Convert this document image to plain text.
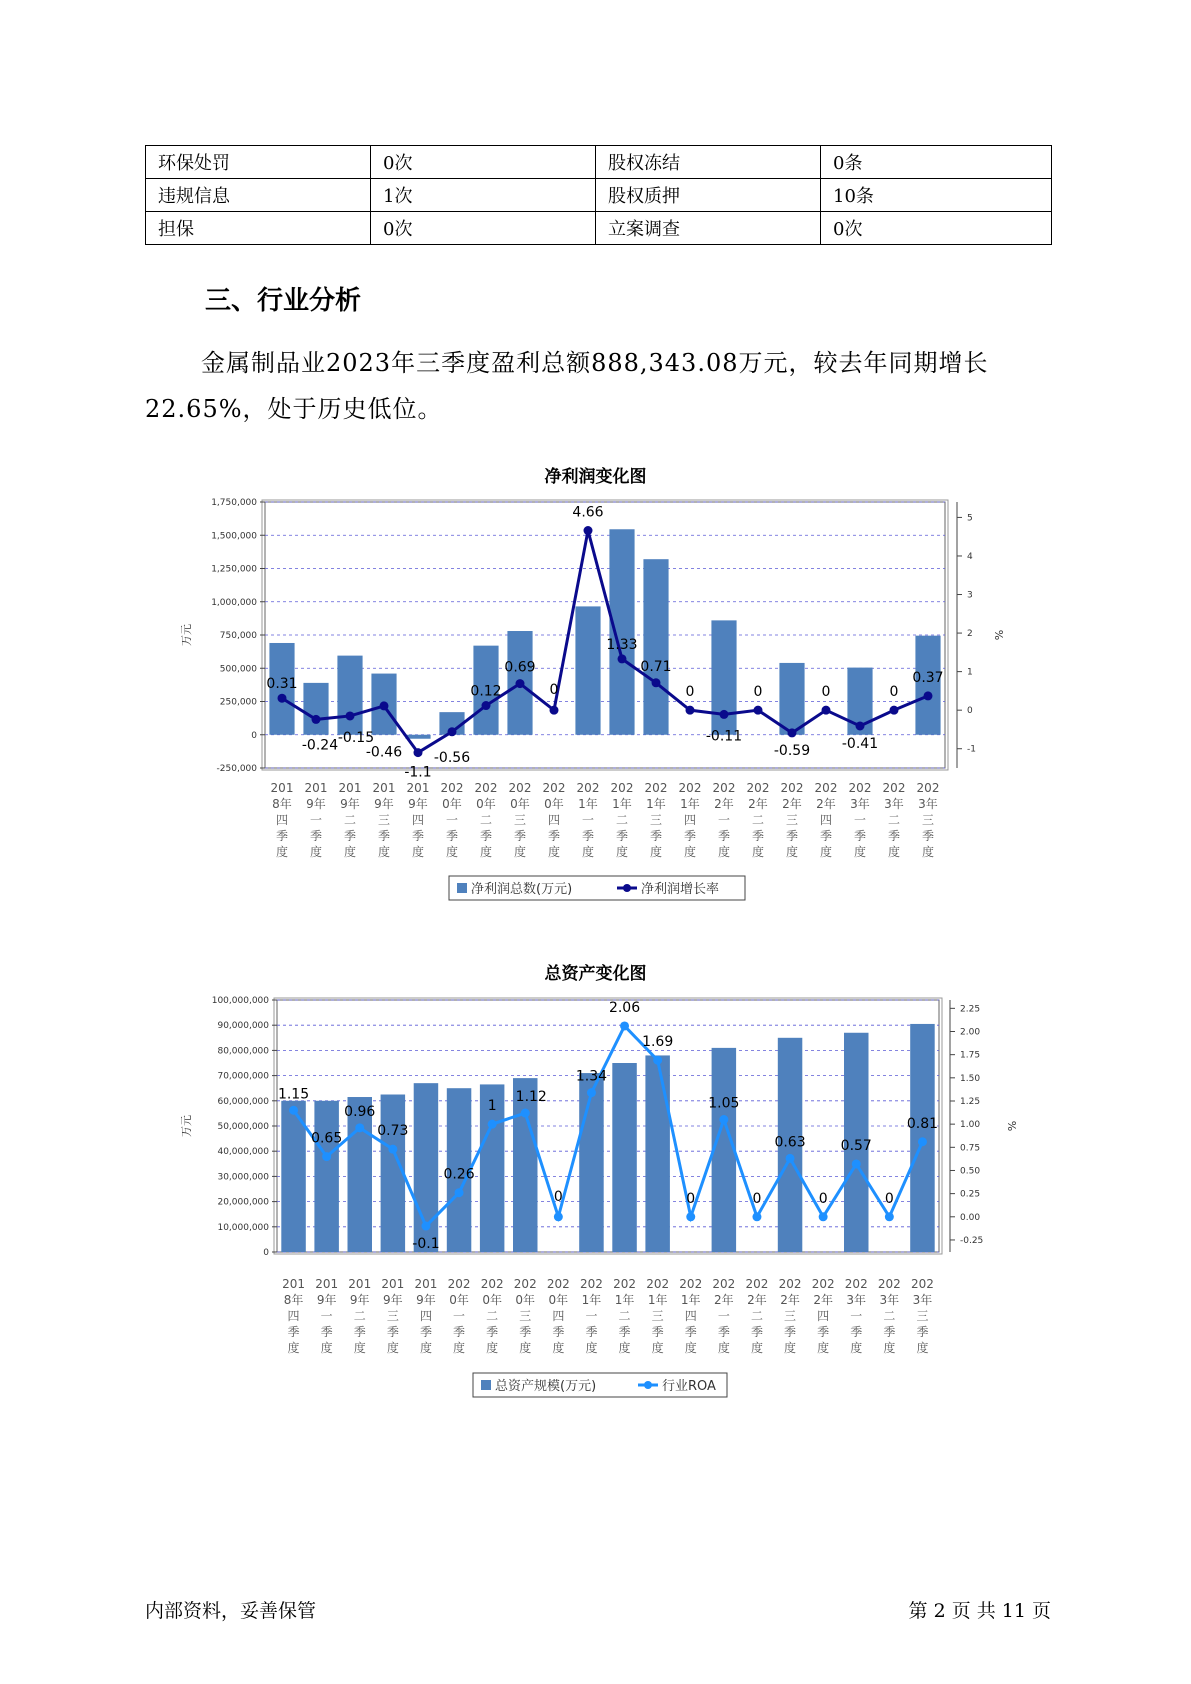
环保处罚	0次	股权冻结	0条
违规信息	1次	股权质押	10条
担保	0次	立案调查	0次
三、行业分析

金属制品业2023年三季度盈利总额888,343.08万元，较去年同期增长22.65%，处于历史低位。

净利润变化图
-250,000
0
250,000
500,000
750,000
1,000,000
1,250,000
1,500,000
1,750,000
-1
0
1
2
3
4
5
万元	%
0.31
-0.24 -0.15
-1.1
-0.56
0.12
0.69
0
4.66
1.33
0.71
0
-0.11
0
-0.59
0
-0.41
0
0.37
-0.46
201
8年
四
季
度
201
9年
一
季
度
201
9年
二
季
度
201
9年
三
季
度
201
9年
四
季
度
202
0年
一
季
度
202
0年
二
季
度
202
0年
三
季
度
202
0年
四
季
度
202
1年
一
季
度
202
1年
二
季
度
202
1年
三
季
度
202
1年
四
季
度
202
2年
一
季
度
202
2年
二
季
度
202
2年
三
季
度
202
2年
四
季
度
202
3年
一
季
度
202
3年
二
季
度
202
3年
三
季
度
净利润总数(万元)	净利润增长率
总资产变化图
0
10,000,000
20,000,000
30,000,000
40,000,000
50,000,000
60,000,000
70,000,000
80,000,000
90,000,000
100,000,000
-0.25
0.00
0.25
0.50
0.75
1.00
1.25
1.50
1.75
2.00
2.25
万元	%
1.15
0.65
0.96
0.73
-0.1
0.26
1
1.12
0
1.34
2.06
1.69
0
1.05
0
0.63
0
0.57
0
0.81
201
8年
四
季
度
201
9年
一
季
度
201
9年
二
季
度
201
9年
三
季
度
201
9年
四
季
度
202
0年
一
季
度
202
0年
二
季
度
202
0年
三
季
度
202
0年
四
季
度
202
1年
一
季
度
202
1年
二
季
度
202
1年
三
季
度
202
1年
四
季
度
202
2年
一
季
度
202
2年
二
季
度
202
2年
三
季
度
202
2年
四
季
度
202
3年
一
季
度
202
3年
二
季
度
202
3年
三
季
度
总资产规模(万元)	行业ROA
内部资料，妥善保管	第 2 页 共 11 页
